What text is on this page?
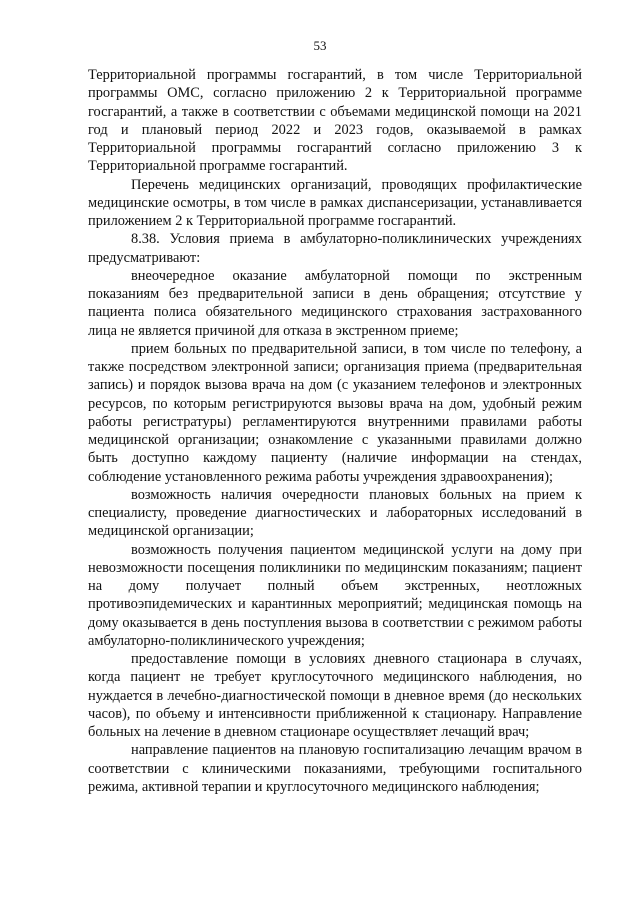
53

Территориальной программы госгарантий, в том числе Территориальной программы ОМС, согласно приложению 2 к Территориальной программе госгарантий, а также в соответствии с объемами медицинской помощи на 2021 год и плановый период 2022 и 2023 годов, оказываемой в рамках Территориальной программы госгарантий согласно приложению 3 к Территориальной программе госгарантий.

Перечень медицинских организаций, проводящих профилактические медицинские осмотры, в том числе в рамках диспансеризации, устанавливается приложением 2 к Территориальной программе госгарантий.

8.38. Условия приема в амбулаторно-поликлинических учреждениях предусматривают:

внеочередное оказание амбулаторной помощи по экстренным показаниям без предварительной записи в день обращения; отсутствие у пациента полиса обязательного медицинского страхования застрахованного лица не является причиной для отказа в экстренном приеме;

прием больных по предварительной записи, в том числе по телефону, а также посредством электронной записи; организация приема (предварительная запись) и порядок вызова врача на дом (с указанием телефонов и электронных ресурсов, по которым регистрируются вызовы врача на дом, удобный режим работы регистратуры) регламентируются внутренними правилами работы медицинской организации; ознакомление с указанными правилами должно быть доступно каждому пациенту (наличие информации на стендах, соблюдение установленного режима работы учреждения здравоохранения);

возможность наличия очередности плановых больных на прием к специалисту, проведение диагностических и лабораторных исследований в медицинской организации;

возможность получения пациентом медицинской услуги на дому при невозможности посещения поликлиники по медицинским показаниям; пациент на дому получает полный объем экстренных, неотложных противоэпидемических и карантинных мероприятий; медицинская помощь на дому оказывается в день поступления вызова в соответствии с режимом работы амбулаторно-поликлинического учреждения;

предоставление помощи в условиях дневного стационара в случаях, когда пациент не требует круглосуточного медицинского наблюдения, но нуждается в лечебно-диагностической помощи в дневное время (до нескольких часов), по объему и интенсивности приближенной к стационару. Направление больных на лечение в дневном стационаре осуществляет лечащий врач;

направление пациентов на плановую госпитализацию лечащим врачом в соответствии с клиническими показаниями, требующими госпитального режима, активной терапии и круглосуточного медицинского наблюдения;
